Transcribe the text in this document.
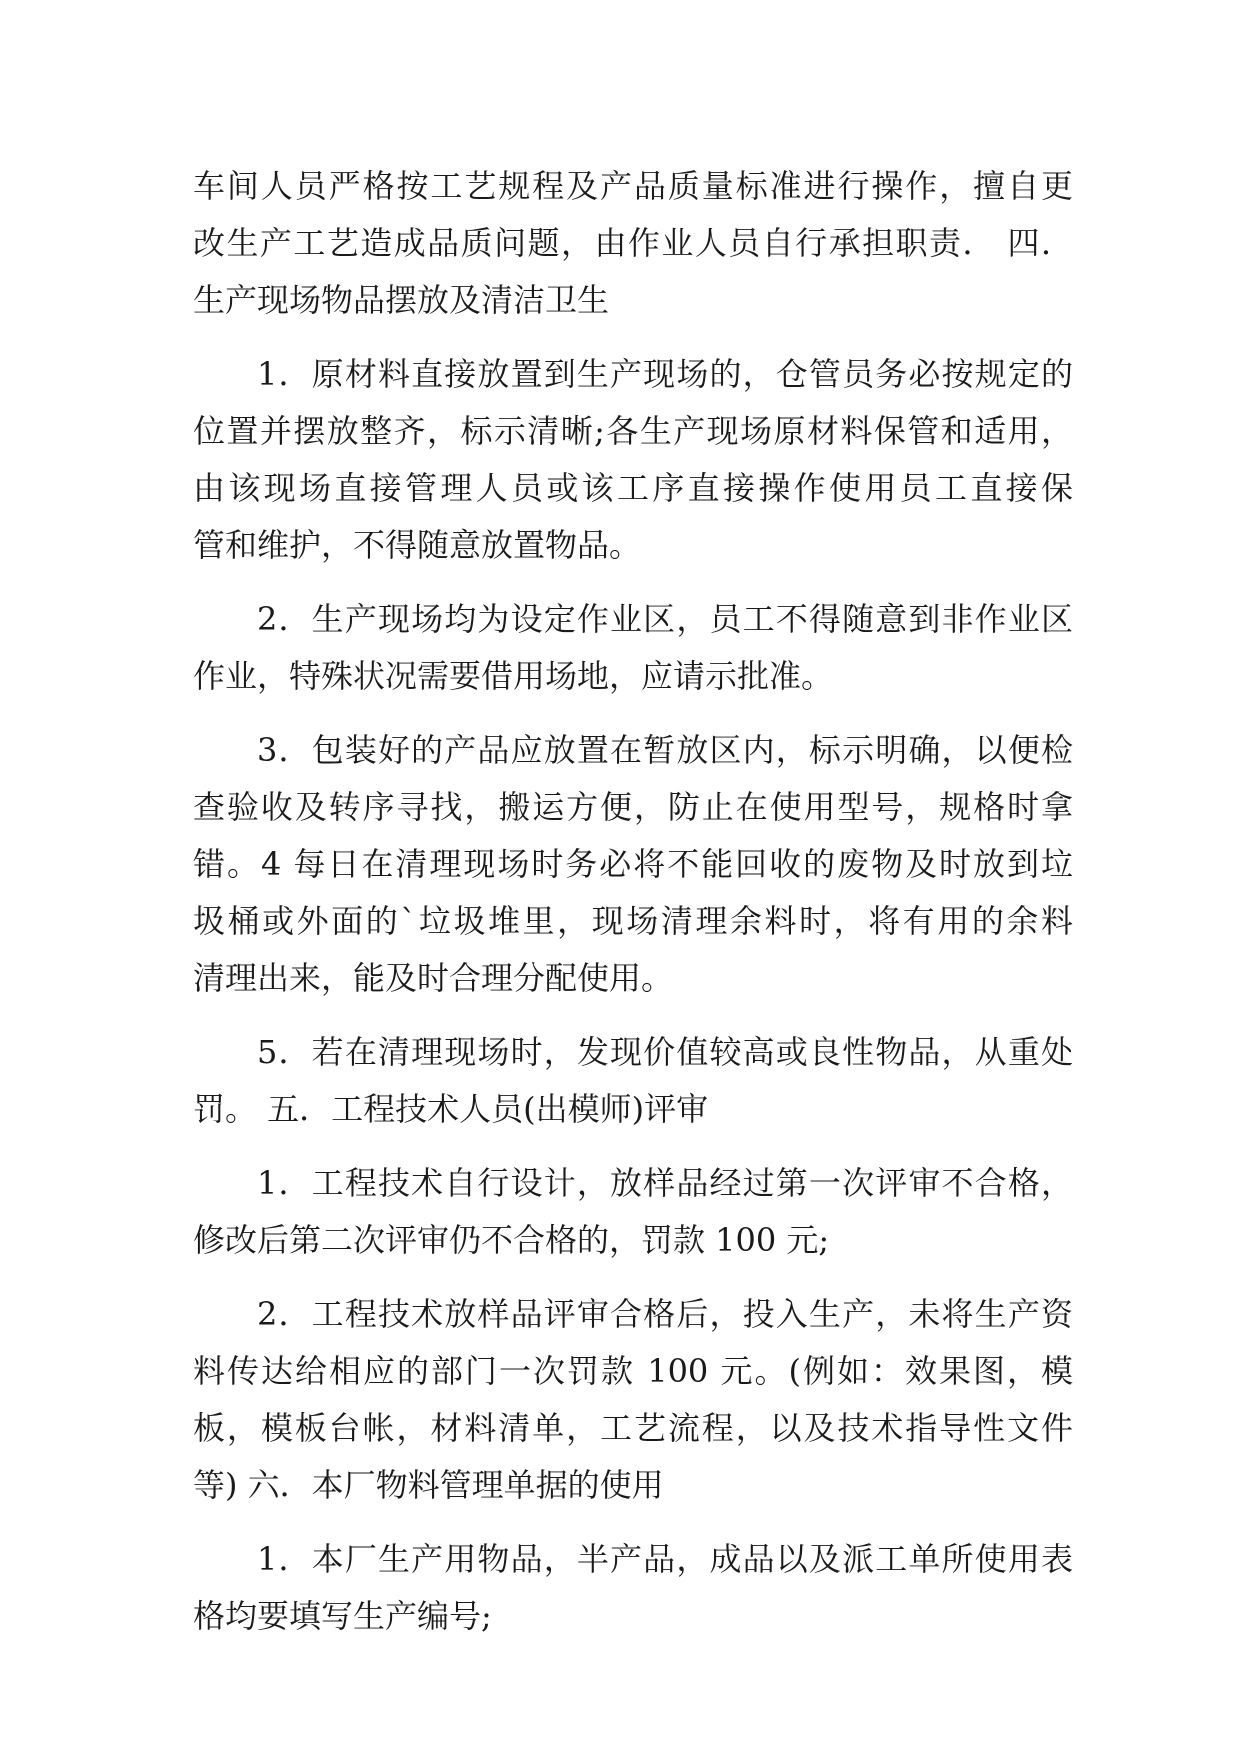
车间人员严格按工艺规程及产品质量标准进行操作，擅自更
改生产工艺造成品质问题，由作业人员自行承担职责． 四．
生产现场物品摆放及清洁卫生
1．原材料直接放置到生产现场的，仓管员务必按规定的
位置并摆放整齐，标示清晰;各生产现场原材料保管和适用，
由该现场直接管理人员或该工序直接操作使用员工直接保
管和维护，不得随意放置物品。
2．生产现场均为设定作业区，员工不得随意到非作业区
作业，特殊状况需要借用场地，应请示批准。
3．包装好的产品应放置在暂放区内，标示明确，以便检
查验收及转序寻找，搬运方便，防止在使用型号，规格时拿
错。4 每日在清理现场时务必将不能回收的废物及时放到垃
圾桶或外面的`垃圾堆里，现场清理余料时，将有用的余料
清理出来，能及时合理分配使用。
5．若在清理现场时，发现价值较高或良性物品，从重处
罚。 五．工程技术人员(出模师)评审
1．工程技术自行设计，放样品经过第一次评审不合格，
修改后第二次评审仍不合格的，罚款 100 元;
2．工程技术放样品评审合格后，投入生产，未将生产资
料传达给相应的部门一次罚款 100 元。(例如：效果图，模
板，模板台帐，材料清单，工艺流程，以及技术指导性文件
等) 六．本厂物料管理单据的使用
1．本厂生产用物品，半产品，成品以及派工单所使用表
格均要填写生产编号;
